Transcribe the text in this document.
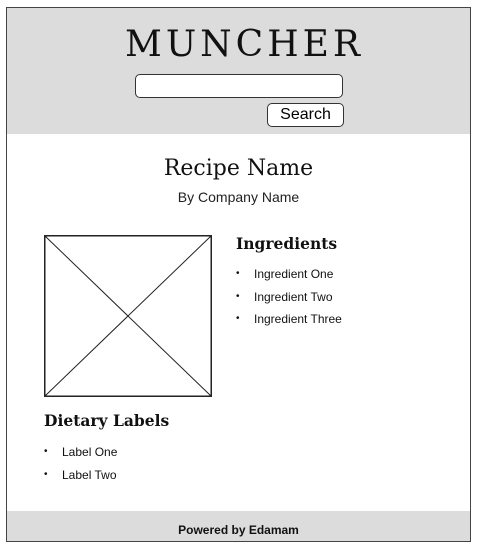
MUNCHER
Search
Recipe Name
By Company Name
Ingredients
• Ingredient One
• Ingredient Two
• Ingredient Three
Dietary Labels
• Label One
• Label Two
Powered by Edamam
